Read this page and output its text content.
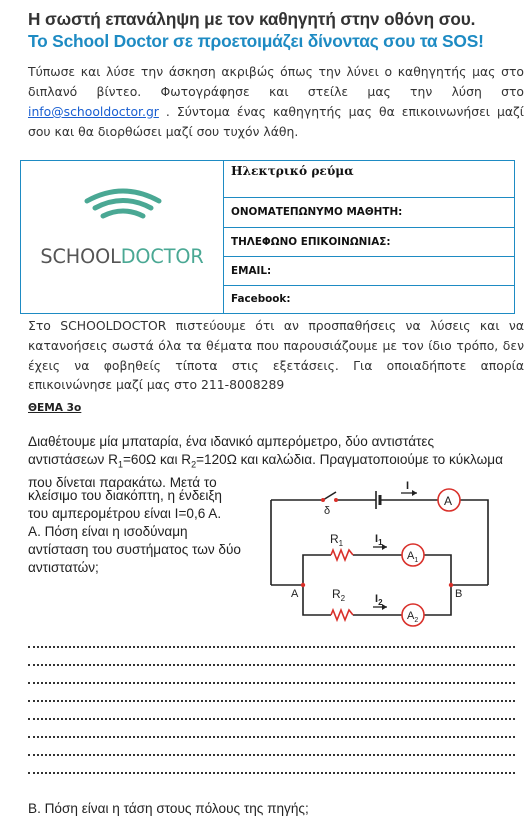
Η σωστή επανάληψη με τον καθηγητή στην οθόνη σου.
Το School Doctor σε προετοιμάζει δίνοντας σου τα SOS!
Τύπωσε και λύσε την άσκηση ακριβώς όπως την λύνει ο καθηγητής μας στο διπλανό βίντεο. Φωτογράφησε και στείλε μας την λύση στο info@schooldoctor.gr . Σύντομα ένας καθηγητής μας θα επικοινωνήσει μαζί σου και θα διορθώσει μαζί σου τυχόν λάθη.
SCHOOLDOCTOR
Ηλεκτρικό ρεύμα
ΟΝΟΜΑΤΕΠΩΝΥΜΟ ΜΑΘΗΤΗ:
ΤΗΛΕΦΩΝΟ ΕΠΙΚΟΙΝΩΝΙΑΣ:
EMAIL:
Facebook:
Στο SCHOOLDOCTOR πιστεύουμε ότι αν προσπαθήσεις να λύσεις και να κατανοήσεις σωστά όλα τα θέματα που παρουσιάζουμε με τον ίδιο τρόπο, δεν έχεις να φοβηθείς τίποτα στις εξετάσεις. Για οποιαδήποτε απορία επικοινώνησε μαζί μας στο 211-8008289
ΘΕΜΑ 3ο
Διαθέτουμε μία μπαταρία, ένα ιδανικό αμπερόμετρο, δύο αντιστάτες
αντιστάσεων $R_1=60\Omega$ και $R_2=120\Omega$ και καλώδια. Πραγματοποιούμε το κύκλωμα
που δίνεται παρακάτω. Μετά το
κλείσιμο του διακόπτη, η ένδειξη
του αμπερομέτρου είναι Ι=0,6 Α.
Α. Πόση είναι η ισοδύναμη
αντίσταση του συστήματος των δύο
αντιστατών;
δ
I
A
$R_1$	$I_1$
$A_1$
$R_2$	$I_2$
$A_2$
A	B
Β. Πόση είναι η τάση στους πόλους της πηγής;
